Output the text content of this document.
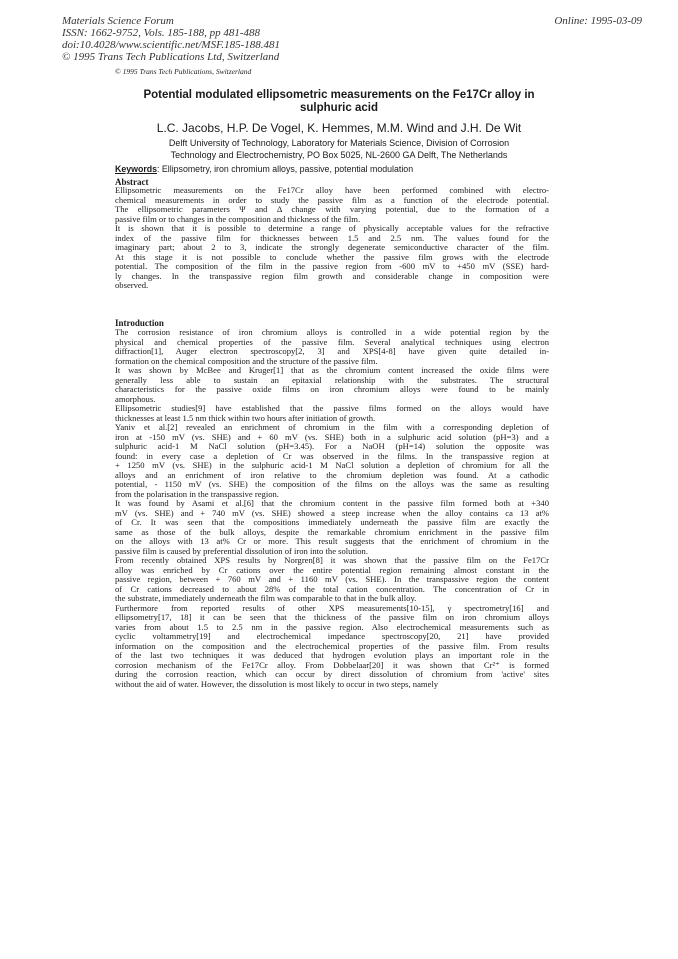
Materials Science Forum
ISSN: 1662-9752, Vols. 185-188, pp 481-488
doi:10.4028/www.scientific.net/MSF.185-188.481
© 1995 Trans Tech Publications Ltd, Switzerland
Online: 1995-03-09
© 1995 Trans Tech Publications, Switzerland
Potential modulated ellipsometric measurements on the Fe17Cr alloy in
sulphuric acid
L.C. Jacobs, H.P. De Vogel, K. Hemmes, M.M. Wind and J.H. De Wit
Delft University of Technology, Laboratory for Materials Science, Division of Corrosion
Technology and Electrochemistry, PO Box 5025, NL-2600 GA Delft, The Netherlands
Keywords: Ellipsometry, iron chromium alloys, passive, potential modulation
Abstract
Ellipsometric measurements on the Fe17Cr alloy have been performed combined with electro-
chemical measurements in order to study the passive film as a function of the electrode potential.
The ellipsometric parameters Ψ and Δ change with varying potential, due to the formation of a
passive film or to changes in the composition and thickness of the film.
It is shown that it is possible to determine a range of physically acceptable values for the refractive
index of the passive film for thicknesses between 1.5 and 2.5 nm. The values found for the
imaginary part; about 2 to 3, indicate the strongly degenerate semiconductive character of the film.
At this stage it is not possible to conclude whether the passive film grows with the electrode
potential. The composition of the film in the passive region from -600 mV to +450 mV (SSE) hard-
ly changes. In the transpassive region film growth and considerable change in composition were
observed.
Introduction
The corrosion resistance of iron chromium alloys is controlled in a wide potential region by the
physical and chemical properties of the passive film. Several analytical techniques using electron
diffraction[1], Auger electron spectroscopy[2, 3] and XPS[4-8] have given quite detailed in-
formation on the chemical composition and the structure of the passive film.
It was shown by McBee and Kruger[1] that as the chromium content increased the oxide films were
generally less able to sustain an epitaxial relationship with the substrates. The structural
characteristics for the passive oxide films on iron chromium alloys were found to be mainly
amorphous.
Ellipsometric studies[9] have established that the passive films formed on the alloys would have
thicknesses at least 1.5 nm thick within two hours after initiation of growth.
Yaniv et al.[2] revealed an enrichment of chromium in the film with a corresponding depletion of
iron at -150 mV (vs. SHE) and + 60 mV (vs. SHE) both in a sulphuric acid solution (pH=3) and a
sulphuric acid-1 M NaCl solution (pH=3.45). For a NaOH (pH=14) solution the opposite was
found: in every case a depletion of Cr was observed in the films. In the transpassive region at
+ 1250 mV (vs. SHE) in the sulphuric acid-1 M NaCl solution a depletion of chromium for all the
alloys and an enrichment of iron relative to the chromium depletion was found. At a cathodic
potential, - 1150 mV (vs. SHE) the composition of the films on the alloys was the same as resulting
from the polarisation in the transpassive region.
It was found by Asami et al.[6] that the chromium content in the passive film formed both at +340
mV (vs. SHE) and + 740 mV (vs. SHE) showed a steep increase when the alloy contains ca 13 at%
of Cr. It was seen that the compositions immediately underneath the passive film are exactly the
same as those of the bulk alloys, despite the remarkable chromium enrichment in the passive film
on the alloys with 13 at% Cr or more. This result suggests that the enrichment of chromium in the
passive film is caused by preferential dissolution of iron into the solution.
From recently obtained XPS results by Norgren[8] it was shown that the passive film on the Fe17Cr
alloy was enriched by Cr cations over the entire potential region remaining almost constant in the
passive region, between + 760 mV and + 1160 mV (vs. SHE). In the transpassive region the content
of Cr cations decreased to about 28% of the total cation concentration. The concentration of Cr in
the substrate, immediately underneath the film was comparable to that in the bulk alloy.
Furthermore from reported results of other XPS measurements[10-15], γ spectrometry[16] and
ellipsometry[17, 18] it can be seen that the thickness of the passive film on iron chromium alloys
varies from about 1.5 to 2.5 nm in the passive region. Also electrochemical measurements such as
cyclic voltammetry[19] and electrochemical impedance spectroscopy[20, 21] have provided
information on the composition and the electrochemical properties of the passive film. From results
of the last two techniques it was deduced that hydrogen evolution plays an important role in the
corrosion mechanism of the Fe17Cr alloy. From Dobbelaar[20] it was shown that Cr²⁺ is formed
during the corrosion reaction, which can occur by direct dissolution of chromium from 'active' sites
without the aid of water. However, the dissolution is most likely to occur in two steps, namely
